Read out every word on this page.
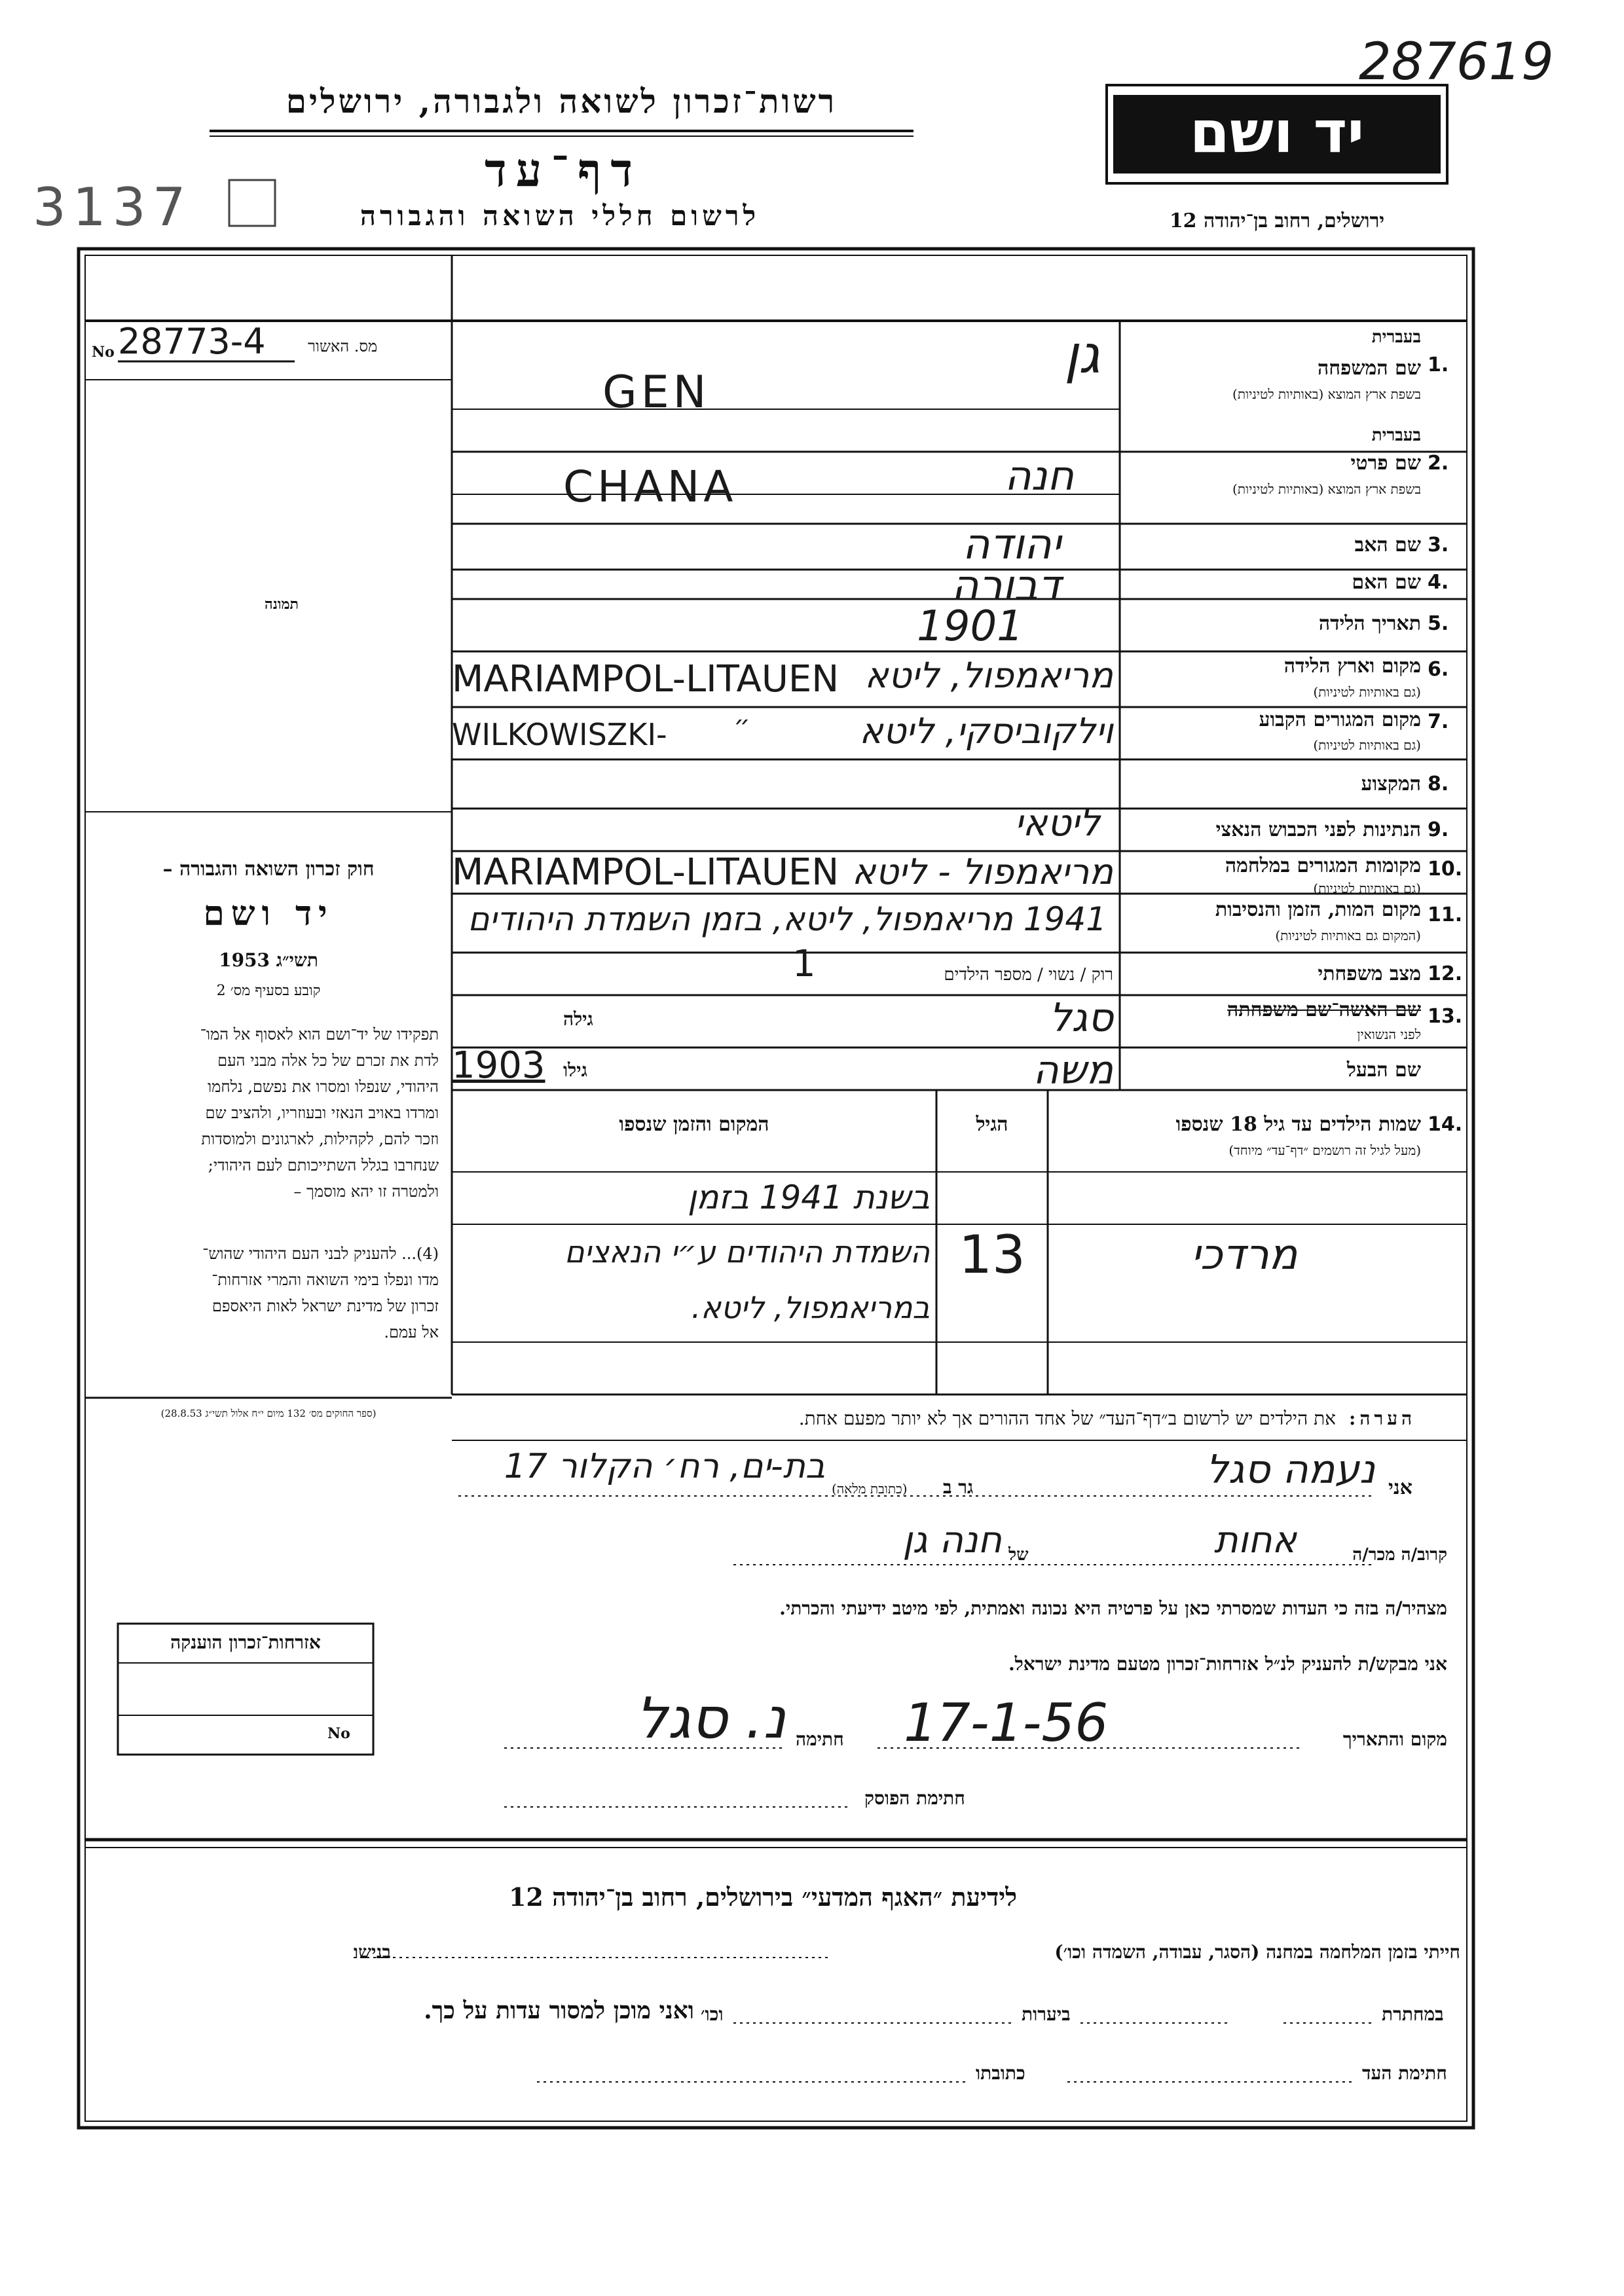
287619
רשות־זכרון לשואה ולגבורה, ירושלים
דף־עד
לרשום חללי השואה והגבורה
3137
יד ושם
ירושלים, רחוב בן־יהודה 12
מס. האשור
28773-4
No
תמונה
חוק זכרון השואה והגבורה –
יד ושם
תשי״ג 1953
קובע בסעיף מס׳ 2
תפקידו של יד־ושם הוא לאסוף אל המו־
לדת את זכרם של כל אלה מבני העם
היהודי, שנפלו ומסרו את נפשם, נלחמו
ומרדו באויב הנאזי ובעוזריו, ולהציב שם
וזכר להם, לקהילות, לארגונים ולמוסדות
שנחרבו בגלל השתייכותם לעם היהודי;
ולמטרה זו יהא מוסמך –
(4)... להעניק לבני העם היהודי שהוש־
מדו ונפלו בימי השואה והמרי אזרחות־
זכרון של מדינת ישראל לאות היאספם
אל עמם.
(ספר החוקים מס׳ 132 מיום י״ח אלול תשי״ג 28.8.53)
בעברית
1.
שם המשפחה
בשפת ארץ המוצא (באותיות לטיניות)
בעברית
2.
שם פרטי
בשפת ארץ המוצא (באותיות לטיניות)
3.
שם האב
4.
שם האם
5.
תאריך הלידה
6.
מקום וארץ הלידה
(גם באותיות לטיניות)
7.
מקום המגורים הקבוע
(גם באותיות לטיניות)
8.
המקצוע
9.
הנתינות לפני הכבוש הנאצי
10.
מקומות המגורים במלחמה
(גם באותיות לטיניות)
11.
מקום המות, הזמן והנסיבות
(המקום גם באותיות לטיניות)
12.
מצב משפחתי
רוק / נשוי / מספר הילדים
1
13.
שם האשה־שם משפחתה
לפני הנשואין
שם הבעל
גילה
גילו
1903
סגל
משה
גן
GEN
חנה
CHANA
יהודה
דבורה
1901
מריאמפול, ליטא
MARIAMPOL-LITAUEN
וילקוביסקי, ליטא
WILKOWISZKI-	״
ליטאי
מריאמפול - ליטא
MARIAMPOL-LITAUEN
1941 מריאמפול, ליטא, בזמן השמדת היהודים
14.
שמות הילדים עד גיל 18 שנספו
(מעל לגיל זה רושמים ״דף־עד״ מיוחד)
הגיל
המקום והזמן שנספו
מרדכי
13
בשנת 1941 בזמן
השמדת היהודים ע״י הנאצים
במריאמפול, ליטא.
הערה:
את הילדים יש לרשום ב״דף־העד״ של אחד ההורים אך לא יותר מפעם אחת.
אני
נעמה סגל
גר ב
(כתובת מלאה)
בת-ים, רח׳ הקלור 17
קרוב/ה מכר/ה
אחות
של
חנה גן
מצהיר/ה בזה כי העדות שמסרתי כאן על פרטיה היא נכונה ואמתית, לפי מיטב ידיעתי והכרתי.
אני מבקש/ת להעניק לנ״ל אזרחות־זכרון מטעם מדינת ישראל.
מקום והתאריך
17-1-56
חתימה
נ. סגל
חתימת הפוסק
אזרחות־זכרון הוענקה
No
לידיעת ״האגף המדעי״ בירושלים, רחוב בן־יהודה 12
חייתי בזמן המלחמה במחנה (הסגר, עבודה, השמדה וכו׳)
בנישו
במחתרת
ביערות
וכו׳
ואני מוכן למסור עדות על כך.
חתימת העד
כתובתו
